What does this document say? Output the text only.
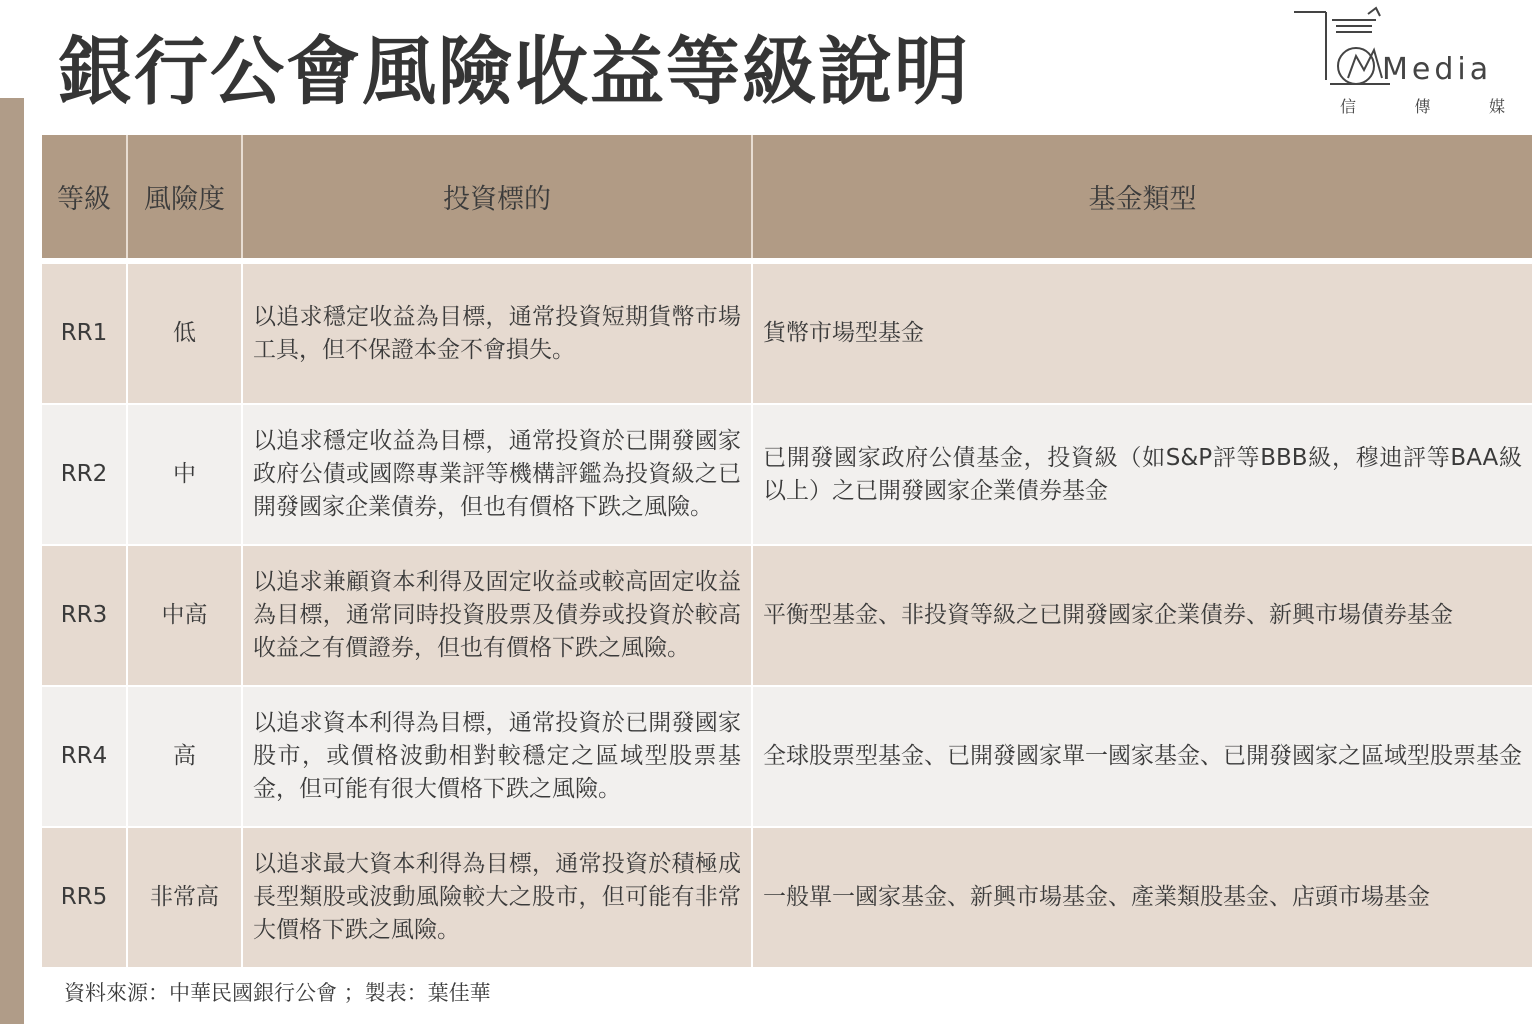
銀行公會風險收益等級說明	Media
信	傳	媒
等級	風險度	投資標的	基金類型
RR1	低	以追求穩定收益為目標，通常投資短期貨幣市場工具，但不保證本金不會損失。	貨幣市場型基金
RR2	中	以追求穩定收益為目標，通常投資於已開發國家政府公債或國際專業評等機構評鑑為投資級之已開發國家企業債券，但也有價格下跌之風險。	已開發國家政府公債基金，投資級（如S&P評等BBB級，穆迪評等BAA級以上）之已開發國家企業債券基金
RR3	中高	以追求兼顧資本利得及固定收益或較高固定收益為目標，通常同時投資股票及債券或投資於較高收益之有價證券，但也有價格下跌之風險。	平衡型基金、非投資等級之已開發國家企業債券、新興市場債券基金
RR4	高	以追求資本利得為目標，通常投資於已開發國家股市，或價格波動相對較穩定之區域型股票基金，但可能有很大價格下跌之風險。	全球股票型基金、已開發國家單一國家基金、已開發國家之區域型股票基金
RR5	非常高	以追求最大資本利得為目標，通常投資於積極成長型類股或波動風險較大之股市，但可能有非常大價格下跌之風險。	一般單一國家基金、新興市場基金、產業類股基金、店頭市場基金
資料來源：中華民國銀行公會 ；製表：葉佳華
